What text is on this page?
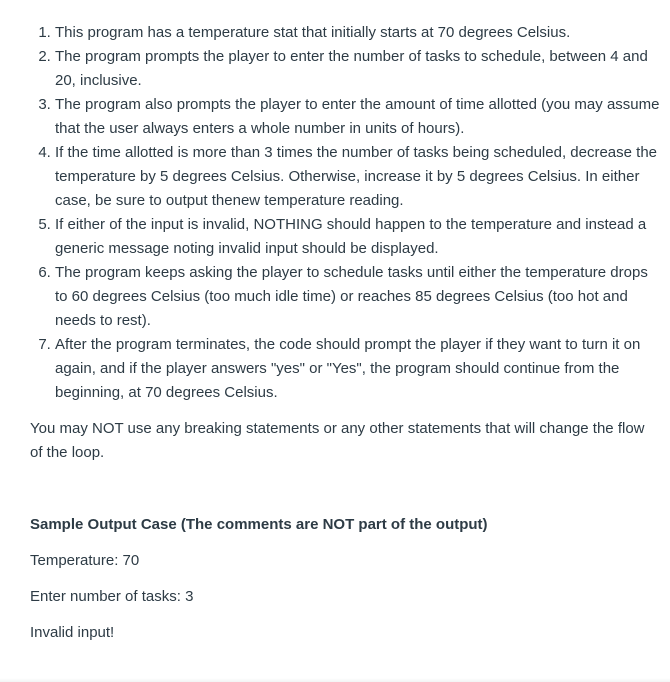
1. This program has a temperature stat that initially starts at 70 degrees Celsius.
2. The program prompts the player to enter the number of tasks to schedule, between 4 and 20, inclusive.
3. The program also prompts the player to enter the amount of time allotted (you may assume that the user always enters a whole number in units of hours).
4. If the time allotted is more than 3 times the number of tasks being scheduled, decrease the temperature by 5 degrees Celsius. Otherwise, increase it by 5 degrees Celsius. In either case, be sure to output thenew temperature reading.
5. If either of the input is invalid, NOTHING should happen to the temperature and instead a generic message noting invalid input should be displayed.
6. The program keeps asking the player to schedule tasks until either the temperature drops to 60 degrees Celsius (too much idle time) or reaches 85 degrees Celsius (too hot and needs to rest).
7. After the program terminates, the code should prompt the player if they want to turn it on again, and if the player answers "yes" or "Yes", the program should continue from the beginning, at 70 degrees Celsius.

You may NOT use any breaking statements or any other statements that will change the flow of the loop.

Sample Output Case (The comments are NOT part of the output)

Temperature: 70

Enter number of tasks: 3

Invalid input!
